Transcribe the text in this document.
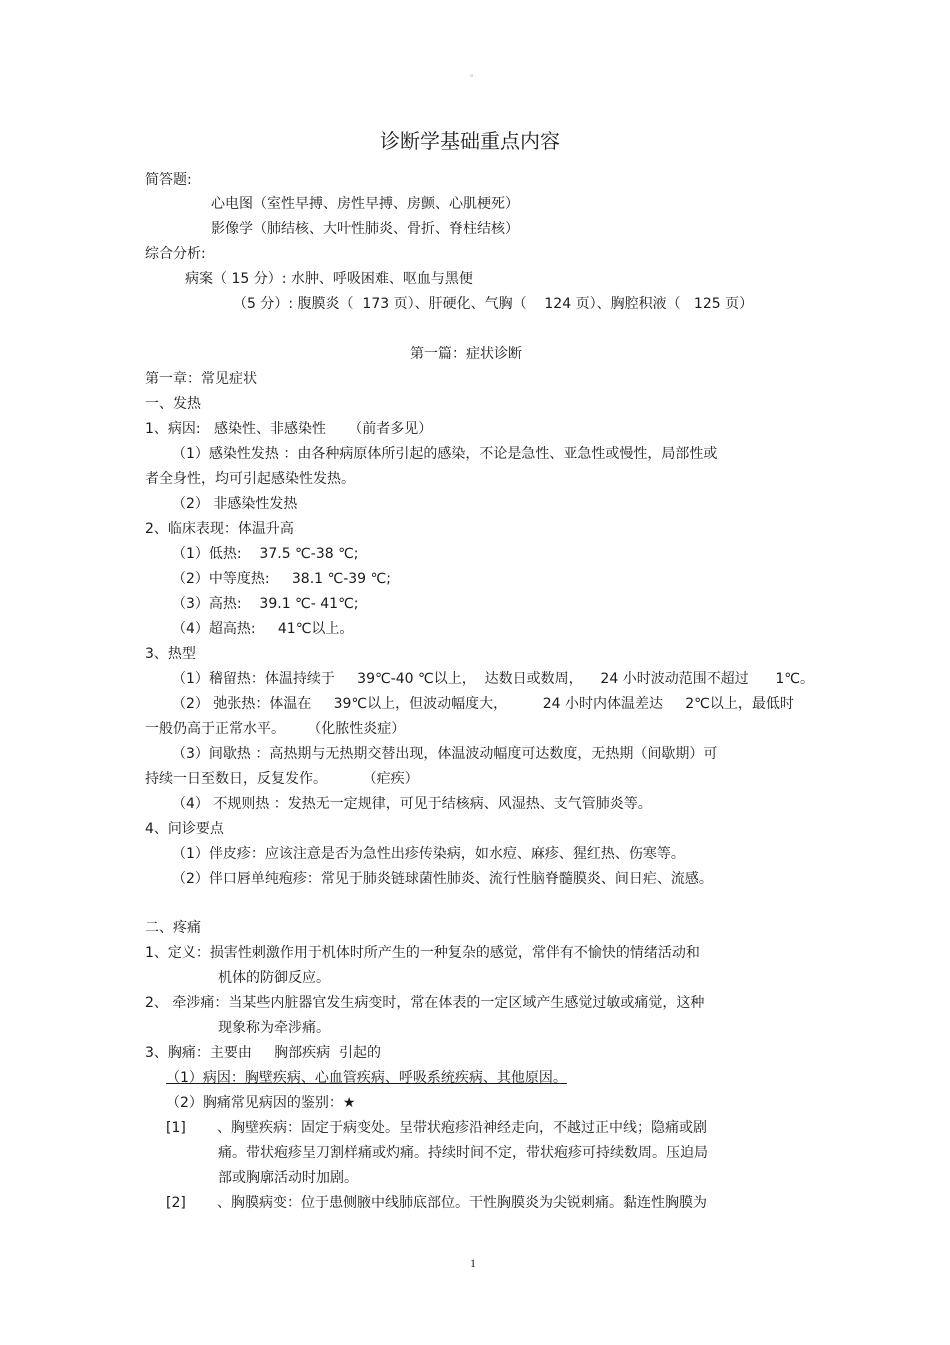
。
诊断学基础重点内容
简答题:
心电图（室性早搏、房性早搏、房颤、心肌梗死）
影像学（肺结核、大叶性肺炎、骨折、脊柱结核）
综合分析:
病案（ 15 分）: 水肿、呼吸困难、呕血与黑便
（5 分）: 腹膜炎（  173 页）、肝硬化、气胸（    124 页）、胸腔积液（   125 页）
第一篇：症状诊断
第一章：常见症状
一、发热
1、病因:   感染性、非感染性     （前者多见）
（1）感染性发热 ：由各种病原体所引起的感染，不论是急性、亚急性或慢性，局部性或
者全身性，均可引起感染性发热。
（2） 非感染性发热
2、临床表现：体温升高
（1）低热:    37.5 ℃-38 ℃;
（2）中等度热:     38.1 ℃-39 ℃;
（3）高热:    39.1 ℃- 41℃;
（4）超高热:     41℃以上。
3、热型
（1）稽留热：体温持续于     39℃-40 ℃以上，  达数日或数周，    24 小时波动范围不超过      1℃。
（2） 弛张热：体温在     39℃以上，但波动幅度大，        24 小时内体温差达     2℃以上，最低时
一般仍高于正常水平。     （化脓性炎症）
（3）间歇热 ：高热期与无热期交替出现，体温波动幅度可达数度，无热期（间歇期）可
持续一日至数日，反复发作。        （疟疾）
（4） 不规则热 ：发热无一定规律，可见于结核病、风湿热、支气管肺炎等。
4、问诊要点
（1）伴皮疹：应该注意是否为急性出疹传染病，如水痘、麻疹、猩红热、伤寒等。
（2）伴口唇单纯疱疹：常见于肺炎链球菌性肺炎、流行性脑脊髓膜炎、间日疟、流感。
二、疼痛
1、定义：损害性刺激作用于机体时所产生的一种复杂的感觉，常伴有不愉快的情绪活动和
机体的防御反应。
2、 牵涉痛：当某些内脏器官发生病变时，常在体表的一定区域产生感觉过敏或痛觉，这种
现象称为牵涉痛。
3、胸痛：主要由     胸部疾病  引起的
（1）病因：胸壁疾病、心血管疾病、呼吸系统疾病、其他原因。
（2）胸痛常见病因的鉴别：★
[1]       、胸壁疾病：固定于病变处。呈带状疱疹沿神经走向，不越过正中线；隐痛或剧
痛。带状疱疹呈刀割样痛或灼痛。持续时间不定，带状疱疹可持续数周。压迫局
部或胸廓活动时加剧。
[2]       、胸膜病变：位于患侧腋中线肺底部位。干性胸膜炎为尖锐刺痛。黏连性胸膜为
1
